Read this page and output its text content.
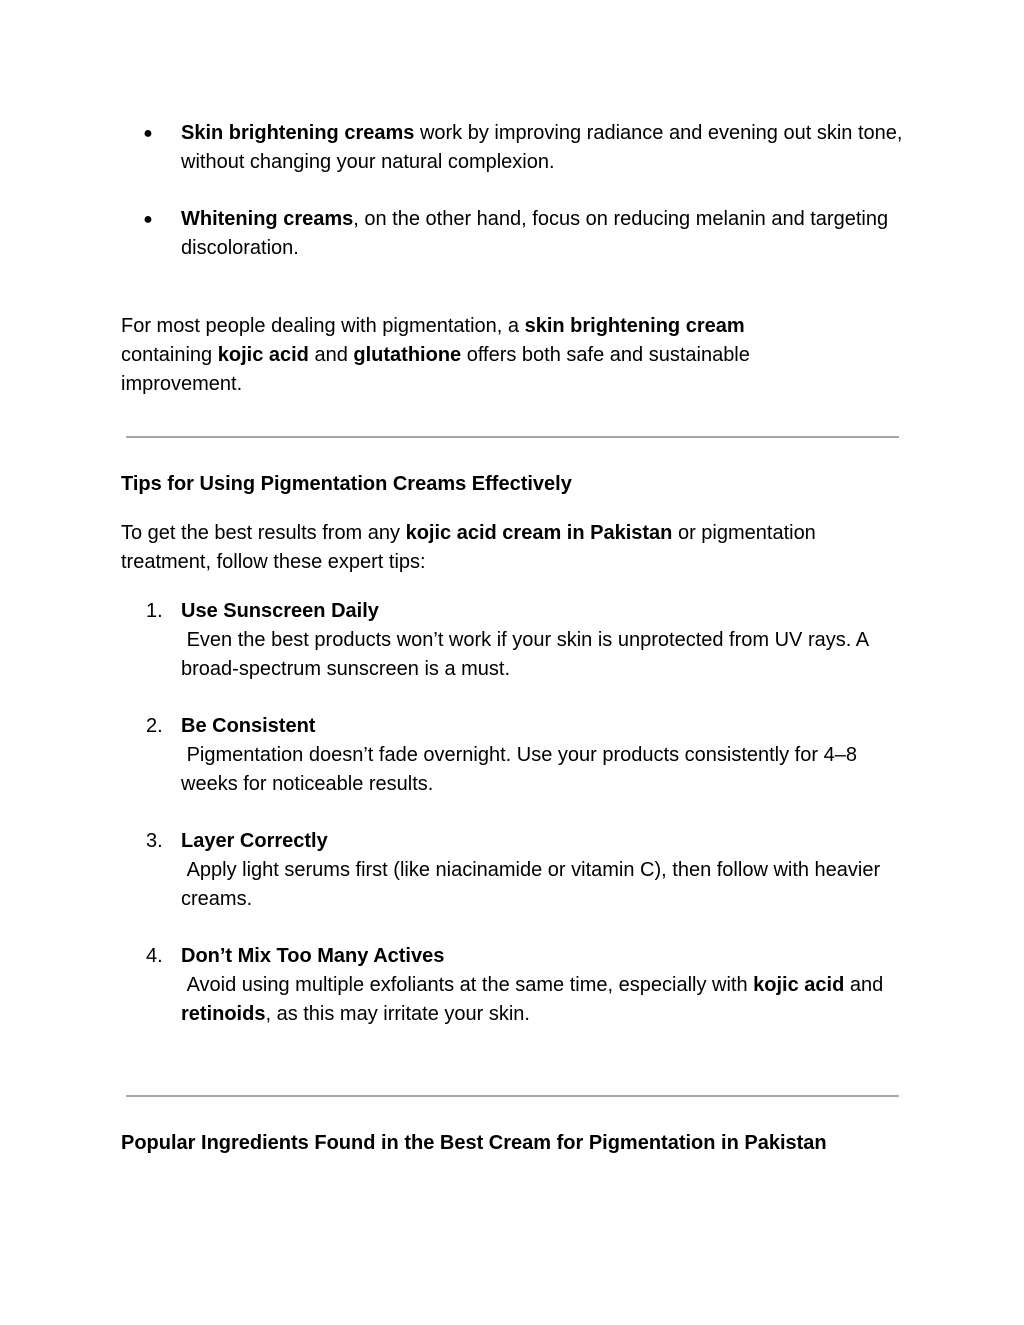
● Skin brightening creams work by improving radiance and evening out skin tone, without changing your natural complexion.
● Whitening creams, on the other hand, focus on reducing melanin and targeting discoloration.
For most people dealing with pigmentation, a skin brightening cream containing kojic acid and glutathione offers both safe and sustainable improvement.
Tips for Using Pigmentation Creams Effectively
To get the best results from any kojic acid cream in Pakistan or pigmentation treatment, follow these expert tips:
1. Use Sunscreen Daily
Even the best products won’t work if your skin is unprotected from UV rays. A broad-spectrum sunscreen is a must.
2. Be Consistent
Pigmentation doesn’t fade overnight. Use your products consistently for 4–8 weeks for noticeable results.
3. Layer Correctly
Apply light serums first (like niacinamide or vitamin C), then follow with heavier creams.
4. Don’t Mix Too Many Actives
Avoid using multiple exfoliants at the same time, especially with kojic acid and retinoids, as this may irritate your skin.
Popular Ingredients Found in the Best Cream for Pigmentation in Pakistan
